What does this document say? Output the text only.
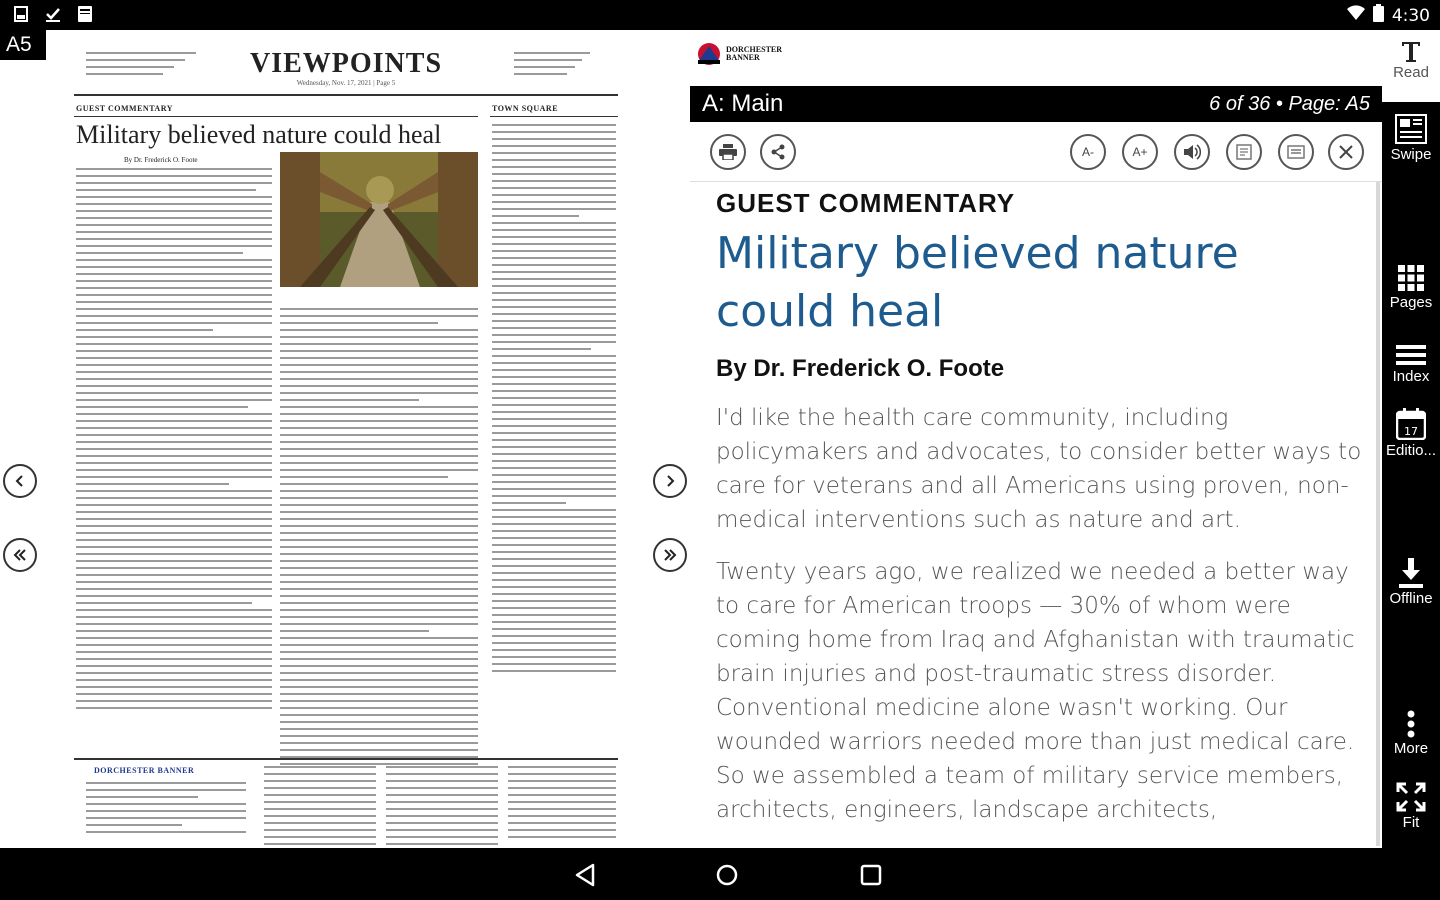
4:30
A5
VIEWPOINTS
Wednesday, Nov. 17, 2021 | Page 5
GUEST COMMENTARY	TOWN SQUARE
Military believed nature could heal
By Dr. Frederick O. Foote

DORCHESTER BANNER
DORCHESTER
BANNER
A: Main	6 of 36 • Page: A5
A-	A+
GUEST COMMENTARY
Military believed nature could heal
By Dr. Frederick O. Foote

I'd like the health care community, including policymakers and advocates, to consider better ways to care for veterans and all Americans using proven, non- medical interventions such as nature and art.

Twenty years ago, we realized we needed a better way to care for American troops — 30% of whom were coming home from Iraq and Afghanistan with traumatic brain injuries and post-traumatic stress disorder. Conventional medicine alone wasn't working. Our wounded warriors needed more than just medical care. So we assembled a team of military service members, architects, engineers, landscape architects,

Read
Swipe
Pages
Index
17
Editio...
Offline
More
Fit
